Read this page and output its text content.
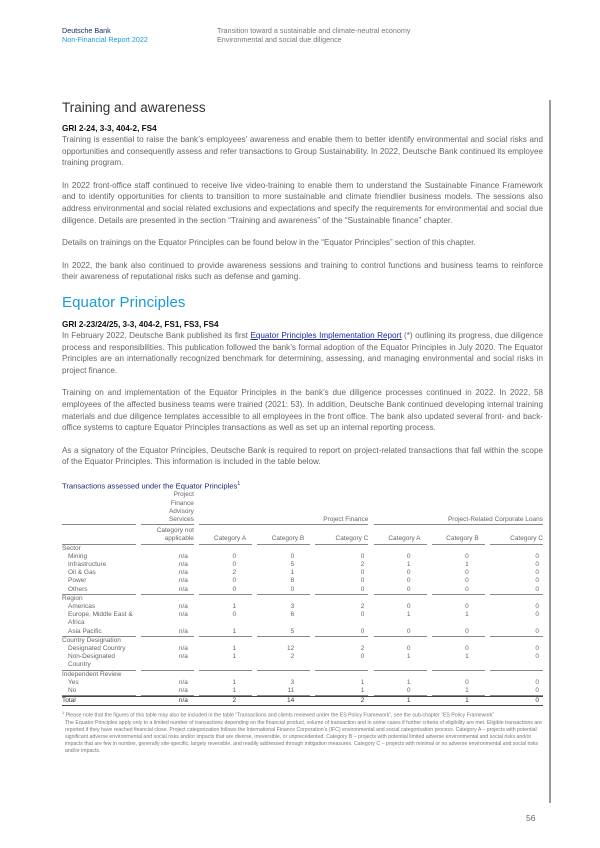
Deutsche Bank
Non-Financial Report 2022
Transition toward a sustainable and climate-neutral economy
Environmental and social due diligence
Training and awareness
GRI 2-24, 3-3, 404-2, FS4

Training is essential to raise the bank’s employees’ awareness and enable them to better identify environmental and social risks and opportunities and consequently assess and refer transactions to Group Sustainability. In 2022, Deutsche Bank continued its employee training program.

In 2022 front-office staff continued to receive live video-training to enable them to understand the Sustainable Finance Framework and to identify opportunities for clients to transition to more sustainable and climate friendlier business models. The sessions also address environmental and social related exclusions and expectations and specify the requirements for environmental and social due diligence. Details are presented in the section “Training and awareness” of the “Sustainable finance” chapter.

Details on trainings on the Equator Principles can be found below in the “Equator Principles” section of this chapter.

In 2022, the bank also continued to provide awareness sessions and training to control functions and business teams to reinforce their awareness of reputational risks such as defense and gaming.

Equator Principles
GRI 2-23/24/25, 3-3, 404-2, FS1, FS3, FS4

In February 2022, Deutsche Bank published its first Equator Principles Implementation Report (*) outlining its progress, due diligence process and responsibilities. This publication followed the bank’s formal adoption of the Equator Principles in July 2020. The Equator Principles are an internationally recognized benchmark for determining, assessing, and managing environmental and social risks in project finance.

Training on and implementation of the Equator Principles in the bank’s due diligence processes continued in 2022. In 2022, 58 employees of the affected business teams were trained (2021: 53). In addition, Deutsche Bank continued developing internal training materials and due diligence templates accessible to all employees in the front office. The bank also updated several front- and back-office systems to capture Equator Principles transactions as well as set up an internal reporting process.

As a signatory of the Equator Principles, Deutsche Bank is required to report on project-related transactions that fall within the scope of the Equator Principles. This information is included in the table below.

Transactions assessed under the Equator Principles$^1$

		Project
Finance
Advisory
Services		Project Finance						Project-Related Corporate Loans				

		Category not
applicable		Category A		Category B		Category C		Category A		Category B		Category C
Sector														
Mining		n/a		0		0		0		0		0		0
Infrastructure		n/a		0		5		2		1		1		0
Oil & Gas		n/a		2		1		0		0		0		0
Power		n/a		0		8		0		0		0		0
Others		n/a		0		0		0		0		0		0
Region														
Americas		n/a		1		3		2		0		0		0
Europe, Middle East & Africa		n/a		0		6		0		1		1		0
Asia Pacific		n/a		1		5		0		0		0		0
Country Designation														
Designated Country		n/a		1		12		2		0		0		0
Non-Designated Country		n/a		1		2		0		1		1		0
Independent Review														
Yes		n/a		1		3		1		1		0		0
No		n/a		1		11		1		0		1		0
Total		n/a		2		14		2		1		1		0
$^1$ Please note that the figures of this table may also be included in the table “Transactions and clients reviewed under the ES Policy Framework”, see the sub-chapter “ES Policy Framework”
The Equator Principles apply only to a limited number of transactions depending on the financial product, volume of transaction and in some cases if further criteria of eligibility are met. Eligible transactions are reported if they have reached financial close. Project categorization follows the International Finance Corporation’s (IFC) environmental and social categorisation process. Category A – projects with potential significant adverse environmental and social risks and/or impacts that are diverse, irreversible, or unprecedented. Category B – projects with potential limited adverse environmental and social risks and/or impacts that are few in number, generally site-specific, largely reversible, and readily addressed through mitigation measures. Category C – projects with minimal or no adverse environmental and social risks and/or impacts.
56
